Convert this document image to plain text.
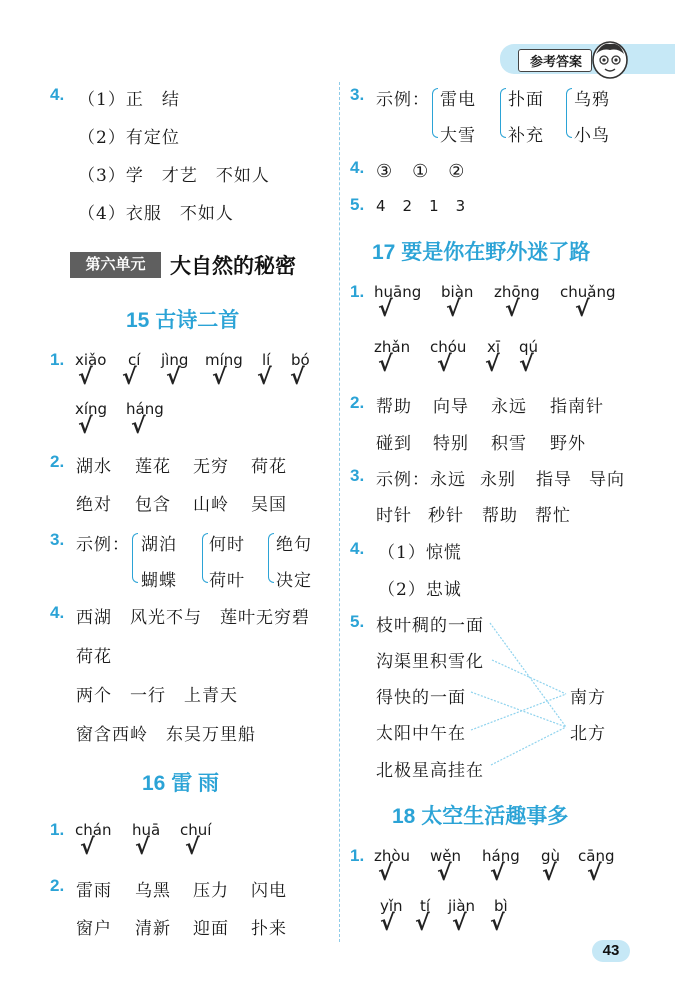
参考答案
4. （1）正　结
（2）有定位
（3）学　才艺　不如人
（4）衣服　不如人
第六单元	大自然的秘密
15 古诗二首
1. xiǎo cí jìng míng lí bó
√ √ √ √ √ √
xíng háng
√ √
2. 湖水 莲花 无穷 荷花
绝对 包含 山岭 吴国
3. 示例： 湖泊
蝴蝶
何时
荷叶
绝句
决定
4. 西湖　风光不与　莲叶无穷碧
荷花
两个　一行　上青天
窗含西岭　东吴万里船
16 雷 雨
1. chán huā chuí
√ √ √
2. 雷雨 乌黑 压力 闪电
窗户 清新 迎面 扑来
3. 示例： 雷电
大雪
扑面
补充
乌鸦
小鸟
4. ③　①　②
5. 4　2　1　3
17 要是你在野外迷了路
1. huāng biàn zhōng chuǎng
√ √ √	√
zhǎn chóu xī qú
√ √ √ √
2. 帮助 向导 永远 指南针
碰到 特别 积雪 野外
3. 示例：永远 永别 指导 导向
时针 秒针 帮助 帮忙
4. （1）惊慌
（2）忠诚
5. 枝叶稠的一面
沟渠里积雪化
得快的一面
太阳中午在
北极星高挂在
南方
北方
18 太空生活趣事多
1. zhòu wěn háng gù cāng
√ √ √ √ √
yǐn tí jiàn bì
√ √ √ √
43
